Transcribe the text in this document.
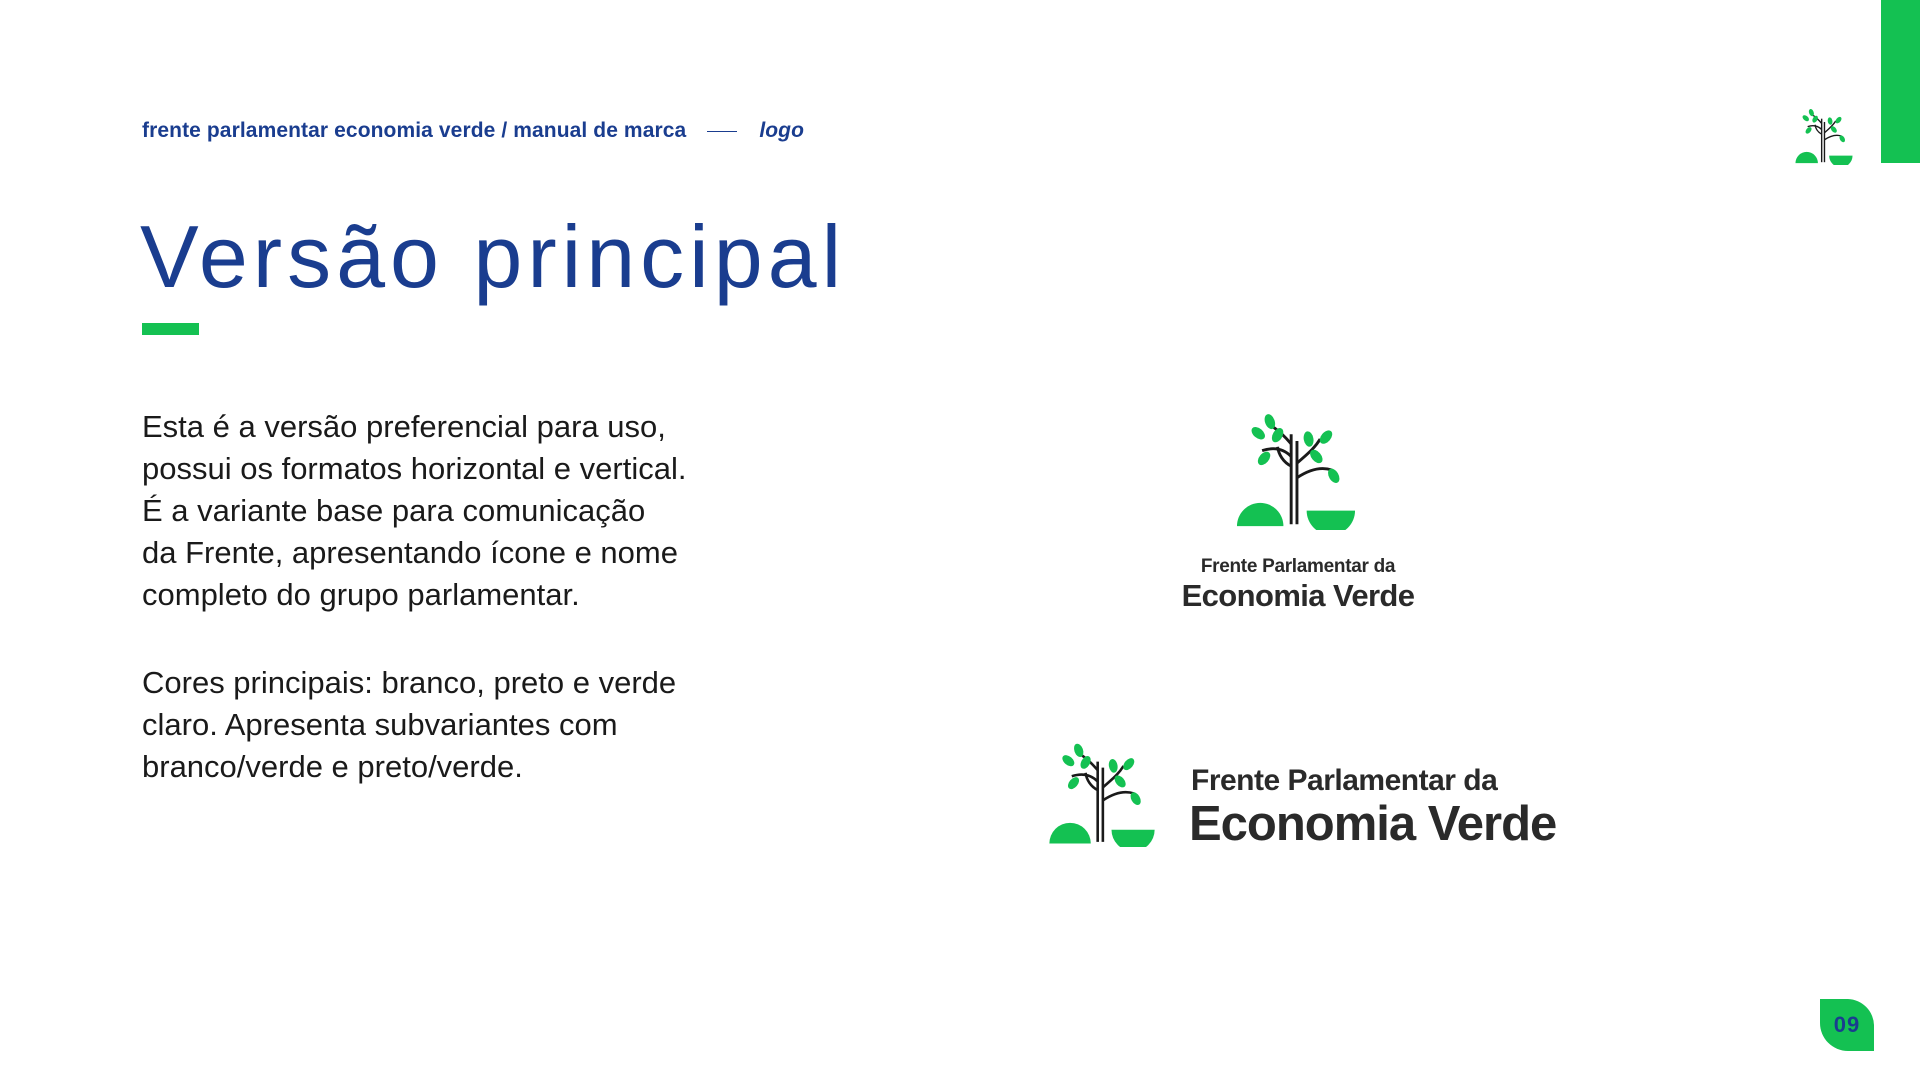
frente parlamentar economia verde / manual de marca	logo
Versão principal

Esta é a versão preferencial para uso,
possui os formatos horizontal e vertical.
É a variante base para comunicação
da Frente, apresentando ícone e nome
completo do grupo parlamentar.

Cores principais: branco, preto e verde
claro. Apresenta subvariantes com
branco/verde e preto/verde.

Frente Parlamentar da
Economia Verde
Frente Parlamentar da
Economia Verde
09
